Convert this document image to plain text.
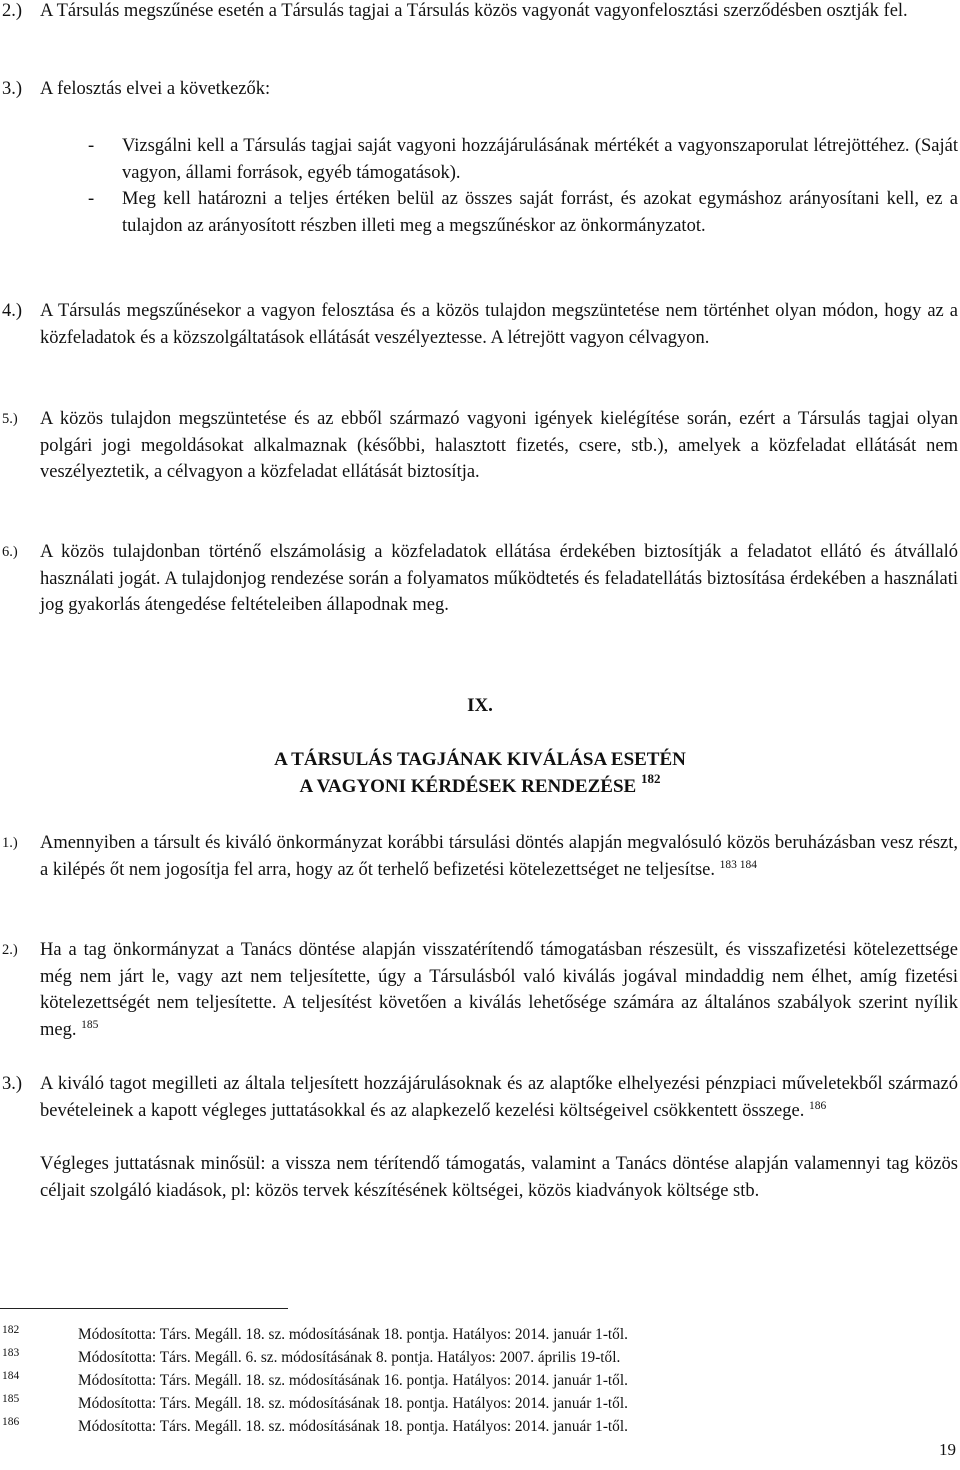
2.) A Társulás megszűnése esetén a Társulás tagjai a Társulás közös vagyonát vagyonfelosztási szerződésben osztják fel.
3.) A felosztás elvei a következők:
- Vizsgálni kell a Társulás tagjai saját vagyoni hozzájárulásának mértékét a vagyonszaporulat létrejöttéhez. (Saját vagyon, állami források, egyéb támogatások).
- Meg kell határozni a teljes értéken belül az összes saját forrást, és azokat egymáshoz arányosítani kell, ez a tulajdon az arányosított részben illeti meg a megszűnéskor az önkormányzatot.
4.) A Társulás megszűnésekor a vagyon felosztása és a közös tulajdon megszüntetése nem történhet olyan módon, hogy az a közfeladatok és a közszolgáltatások ellátását veszélyeztesse. A létrejött vagyon célvagyon.
5.) A közös tulajdon megszüntetése és az ebből származó vagyoni igények kielégítése során, ezért a Társulás tagjai olyan polgári jogi megoldásokat alkalmaznak (későbbi, halasztott fizetés, csere, stb.), amelyek a közfeladat ellátását nem veszélyeztetik, a célvagyon a közfeladat ellátását biztosítja.
6.) A közös tulajdonban történő elszámolásig a közfeladatok ellátása érdekében biztosítják a feladatot ellátó és átvállaló használati jogát. A tulajdonjog rendezése során a folyamatos működtetés és feladatellátás biztosítása érdekében a használati jog gyakorlás átengedése feltételeiben állapodnak meg.
IX.
A TÁRSULÁS TAGJÁNAK KIVÁLÁSA ESETÉN
A VAGYONI KÉRDÉSEK RENDEZÉSE $^{182}$
1.) Amennyiben a társult és kiváló önkormányzat korábbi társulási döntés alapján megvalósuló közös beruházásban vesz részt, a kilépés őt nem jogosítja fel arra, hogy az őt terhelő befizetési kötelezettséget ne teljesítse. $^{183 184}$
2.) Ha a tag önkormányzat a Tanács döntése alapján visszatérítendő támogatásban részesült, és visszafizetési kötelezettsége még nem járt le, vagy azt nem teljesítette, úgy a Társulásból való kiválás jogával mindaddig nem élhet, amíg fizetési kötelezettségét nem teljesítette. A teljesítést követően a kiválás lehetősége számára az általános szabályok szerint nyílik meg. $^{185}$
3.) A kiváló tagot megilleti az általa teljesített hozzájárulásoknak és az alaptőke elhelyezési pénzpiaci műveletekből származó bevételeinek a kapott végleges juttatásokkal és az alapkezelő kezelési költségeivel csökkentett összege. $^{186}$
Végleges juttatásnak minősül: a vissza nem térítendő támogatás, valamint a Tanács döntése alapján valamennyi tag közös céljait szolgáló kiadások, pl: közös tervek készítésének költségei, közös kiadványok költsége stb.
182	Módosította: Társ. Megáll. 18. sz. módosításának 18. pontja. Hatályos: 2014. január 1-től.
183	Módosította: Társ. Megáll. 6. sz. módosításának 8. pontja. Hatályos: 2007. április 19-től.
184	Módosította: Társ. Megáll. 18. sz. módosításának 16. pontja. Hatályos: 2014. január 1-től.
185	Módosította: Társ. Megáll. 18. sz. módosításának 18. pontja. Hatályos: 2014. január 1-től.
186	Módosította: Társ. Megáll. 18. sz. módosításának 18. pontja. Hatályos: 2014. január 1-től.
19
